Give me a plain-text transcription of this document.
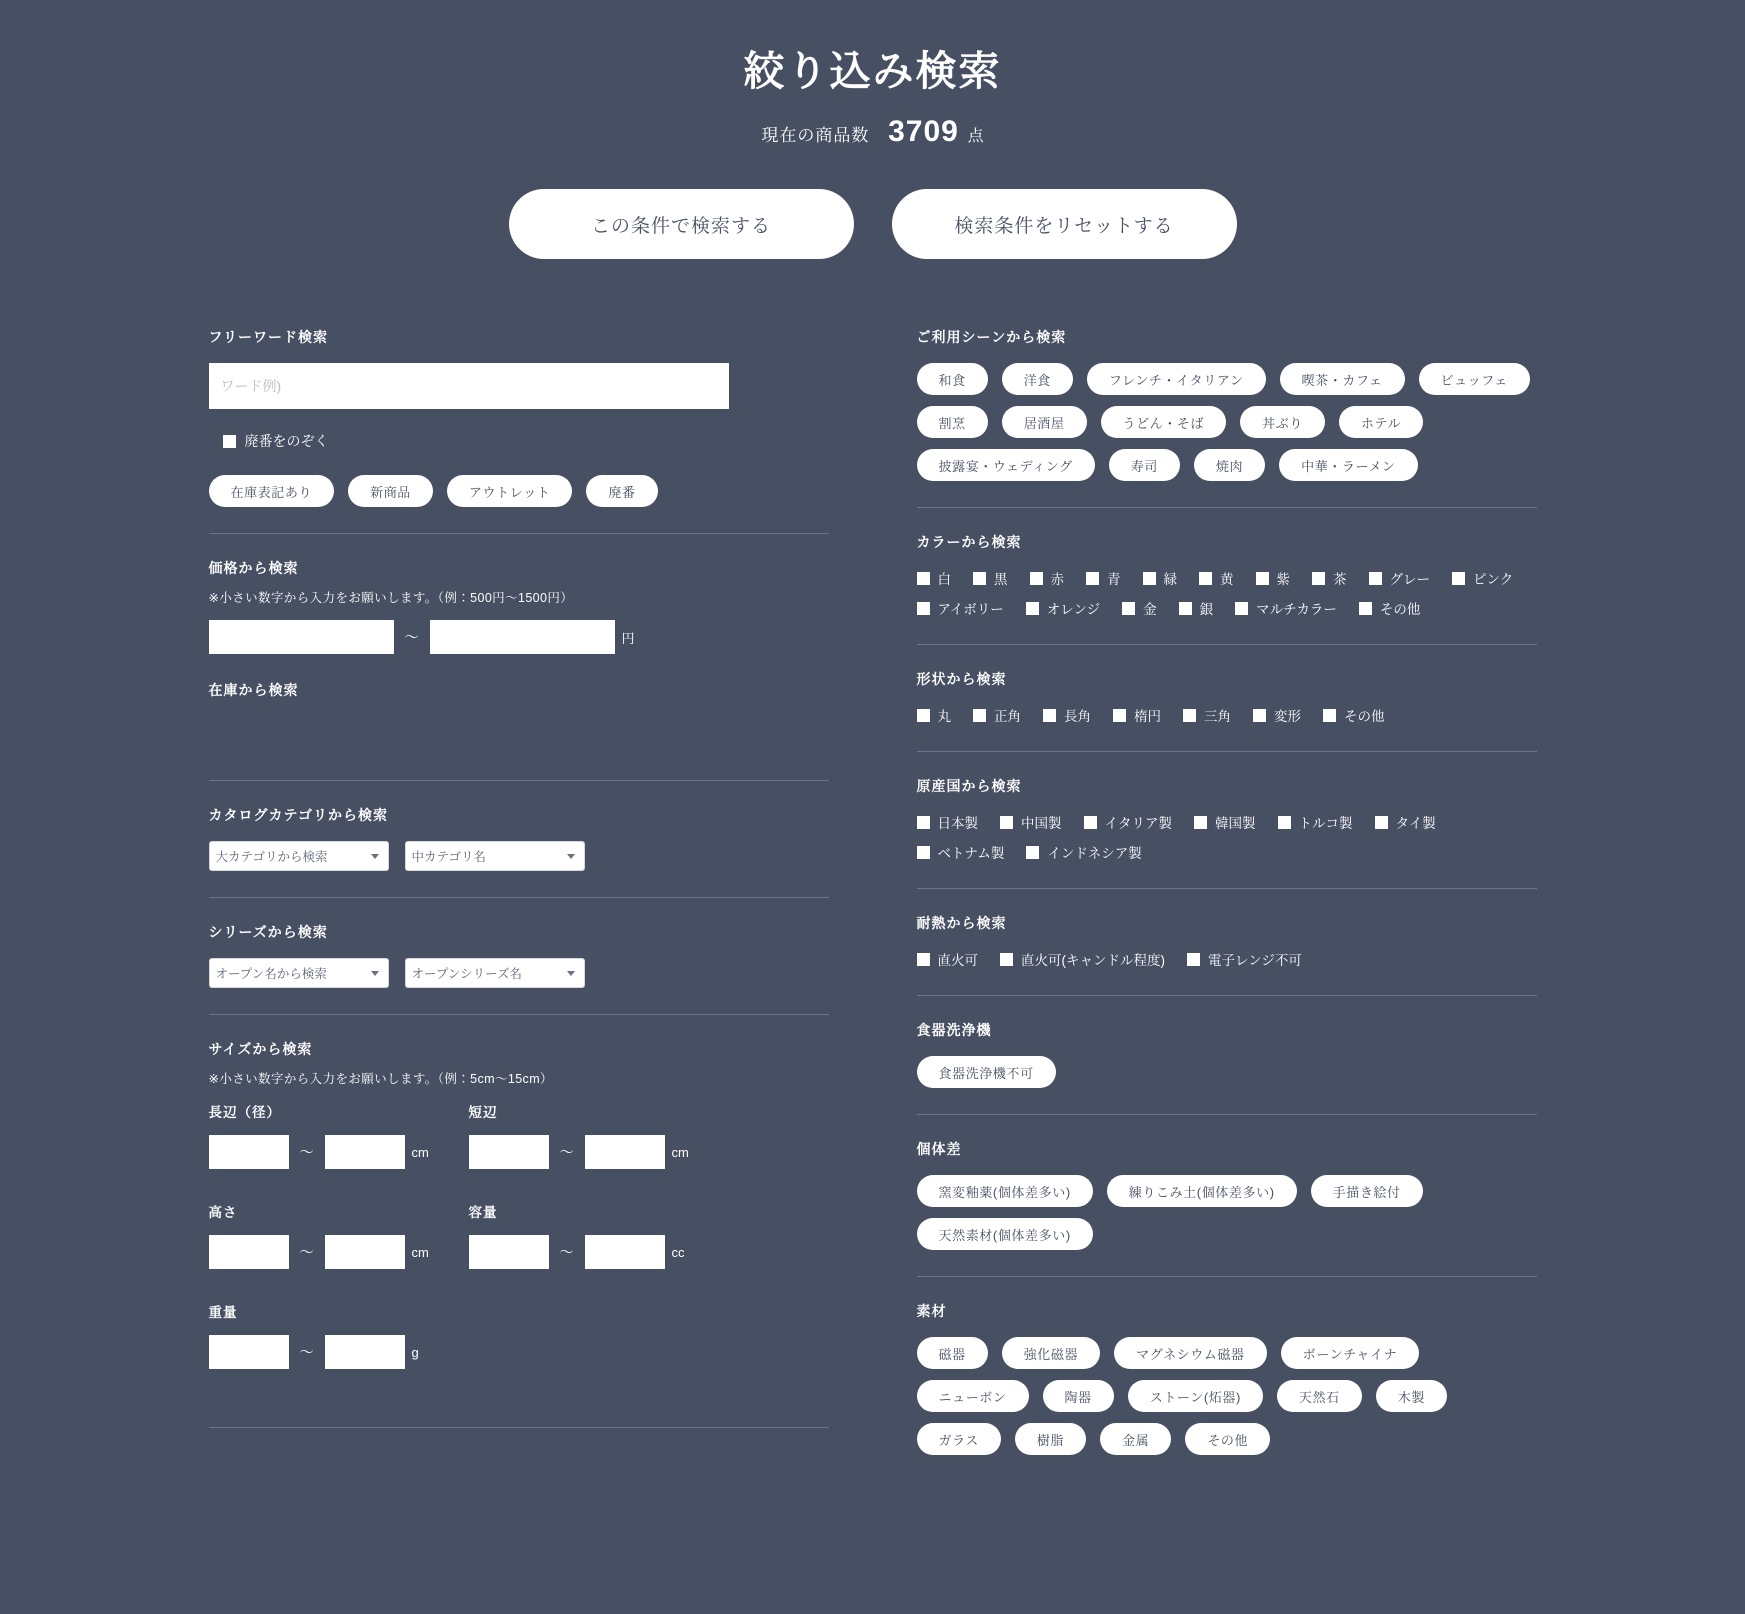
絞り込み検索
現在の商品数 3709 点
この条件で検索する	検索条件をリセットする
フリーワード検索
ワード例)
廃番をのぞく
在庫表記あり	新商品	アウトレット	廃番
価格から検索
※小さい数字から入力をお願いします。（例：500円〜1500円）
〜	円
在庫から検索
カタログカテゴリから検索
大カテゴリから検索	中カテゴリ名
シリーズから検索
オープン名から検索	オープンシリーズ名
サイズから検索
※小さい数字から入力をお願いします。（例：5cm〜15cm）
長辺（径）
〜	cm
短辺
〜	cm
高さ
〜	cm
容量
〜	cc
重量
〜	g
ご利用シーンから検索
和食	洋食	フレンチ・イタリアン	喫茶・カフェ	ビュッフェ
割烹	居酒屋	うどん・そば	丼ぶり	ホテル
披露宴・ウェディング	寿司	焼肉	中華・ラーメン
カラーから検索
白	黒	赤	青	緑	黄	紫	茶	グレー	ピンク
アイボリー	オレンジ	金	銀	マルチカラー	その他
形状から検索
丸	正角	長角	楕円	三角	変形	その他
原産国から検索
日本製	中国製	イタリア製	韓国製	トルコ製	タイ製
ベトナム製	インドネシア製
耐熱から検索
直火可	直火可(キャンドル程度)	電子レンジ不可
食器洗浄機
食器洗浄機不可
個体差
窯変釉薬(個体差多い)	練りこみ土(個体差多い)	手描き絵付
天然素材(個体差多い)
素材
磁器	強化磁器	マグネシウム磁器	ボーンチャイナ
ニューボン	陶器	ストーン(炻器)	天然石	木製
ガラス	樹脂	金属	その他
